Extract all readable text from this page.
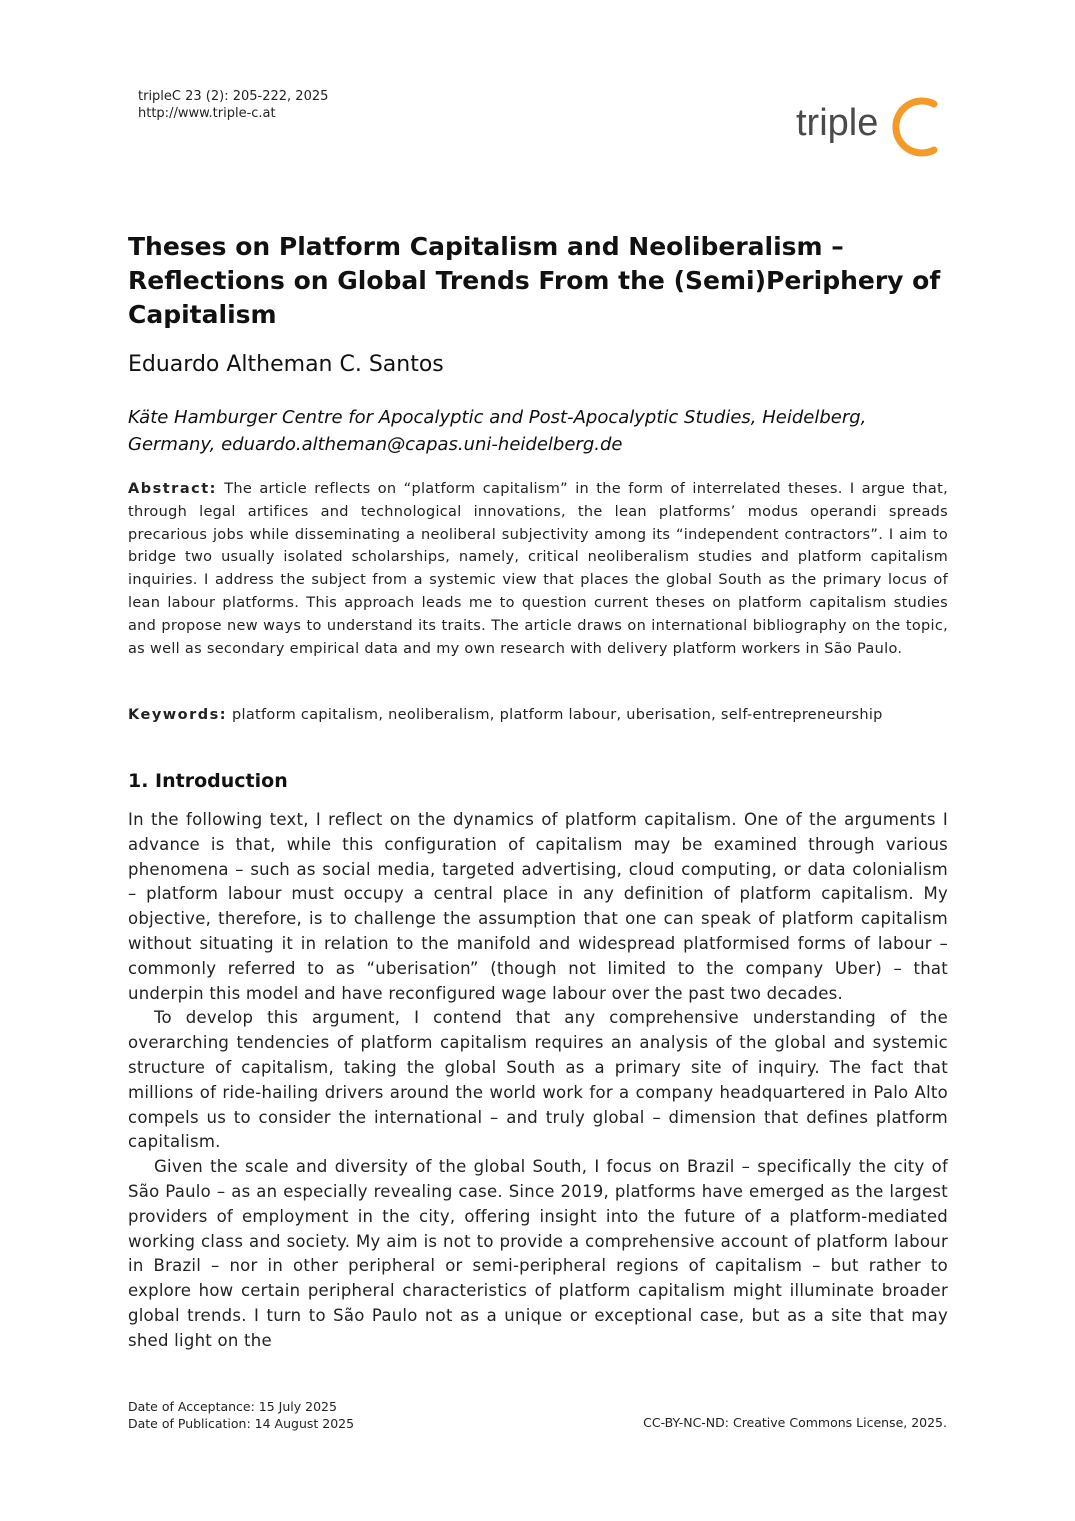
tripleC 23 (2): 205-222, 2025
http://www.triple-c.at	triple
Theses on Platform Capitalism and Neoliberalism – Reflections on Global Trends From the (Semi)Periphery of Capitalism
Eduardo Altheman C. Santos
Käte Hamburger Centre for Apocalyptic and Post-Apocalyptic Studies, Heidelberg, Germany, eduardo.altheman@capas.uni-heidelberg.de
Abstract: The article reflects on “platform capitalism” in the form of interrelated theses. I argue that, through legal artifices and technological innovations, the lean platforms’ modus operandi spreads precarious jobs while disseminating a neoliberal subjectivity among its “independent contractors”. I aim to bridge two usually isolated scholarships, namely, critical neoliberalism studies and platform capitalism inquiries. I address the subject from a systemic view that places the global South as the primary locus of lean labour platforms. This approach leads me to question current theses on platform capitalism studies and propose new ways to understand its traits. The article draws on international bibliography on the topic, as well as secondary empirical data and my own research with delivery platform workers in São Paulo.
Keywords: platform capitalism, neoliberalism, platform labour, uberisation, self-entrepreneurship
1. Introduction

In the following text, I reflect on the dynamics of platform capitalism. One of the arguments I advance is that, while this configuration of capitalism may be examined through various phenomena – such as social media, targeted advertising, cloud computing, or data colonialism – platform labour must occupy a central place in any definition of platform capitalism. My objective, therefore, is to challenge the assumption that one can speak of platform capitalism without situating it in relation to the manifold and widespread platformised forms of labour – commonly referred to as “uberisation” (though not limited to the company Uber) – that underpin this model and have reconfigured wage labour over the past two decades.

To develop this argument, I contend that any comprehensive understanding of the overarching tendencies of platform capitalism requires an analysis of the global and systemic structure of capitalism, taking the global South as a primary site of inquiry. The fact that millions of ride-hailing drivers around the world work for a company headquartered in Palo Alto compels us to consider the international – and truly global – dimension that defines platform capitalism.

Given the scale and diversity of the global South, I focus on Brazil – specifically the city of São Paulo – as an especially revealing case. Since 2019, platforms have emerged as the largest providers of employment in the city, offering insight into the future of a platform-mediated working class and society. My aim is not to provide a comprehensive account of platform labour in Brazil – nor in other peripheral or semi-peripheral regions of capitalism – but rather to explore how certain peripheral characteristics of platform capitalism might illuminate broader global trends. I turn to São Paulo not as a unique or exceptional case, but as a site that may shed light on the

Date of Acceptance: 15 July 2025
Date of Publication: 14 August 2025	CC-BY-NC-ND: Creative Commons License, 2025.
